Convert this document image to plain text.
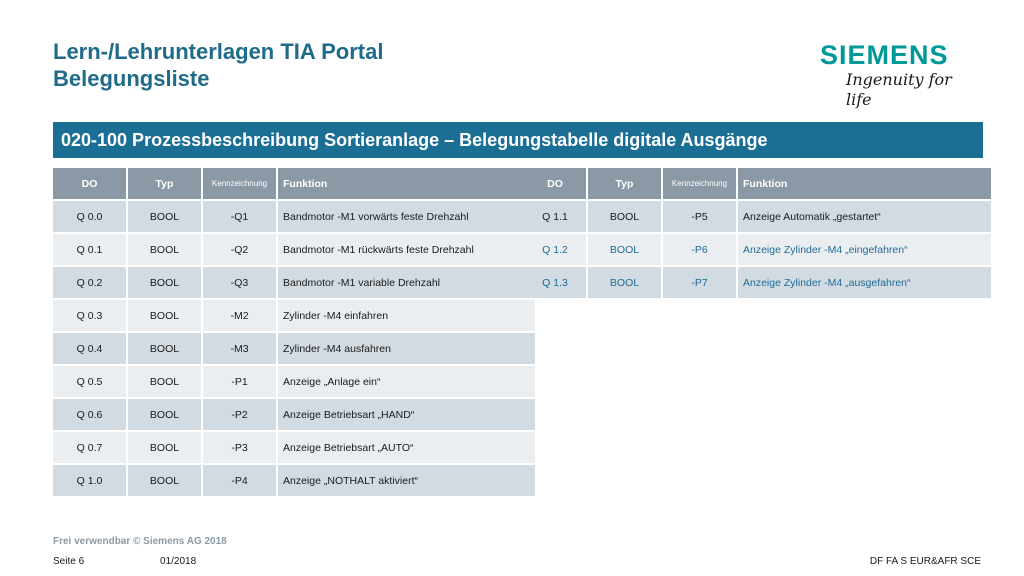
Lern-/Lehrunterlagen TIA Portal
Belegungsliste
SIEMENS
Ingenuity for life
020-100 Prozessbeschreibung Sortieranlage – Belegungstabelle digitale Ausgänge
DO	Typ	Kennzeichnung	Funktion
Q 0.0	BOOL	-Q1	Bandmotor -M1 vorwärts feste Drehzahl
Q 0.1	BOOL	-Q2	Bandmotor -M1 rückwärts feste Drehzahl
Q 0.2	BOOL	-Q3	Bandmotor -M1 variable Drehzahl
Q 0.3	BOOL	-M2	Zylinder -M4 einfahren
Q 0.4	BOOL	-M3	Zylinder -M4 ausfahren
Q 0.5	BOOL	-P1	Anzeige „Anlage ein“
Q 0.6	BOOL	-P2	Anzeige Betriebsart „HAND“
Q 0.7	BOOL	-P3	Anzeige Betriebsart „AUTO“
Q 1.0	BOOL	-P4	Anzeige „NOTHALT aktiviert“
DO	Typ	Kennzeichnung	Funktion
Q 1.1	BOOL	-P5	Anzeige Automatik „gestartet“
Q 1.2	BOOL	-P6	Anzeige Zylinder -M4 „eingefahren“
Q 1.3	BOOL	-P7	Anzeige Zylinder -M4 „ausgefahren“
Frei verwendbar © Siemens AG 2018
Seite 6	01/2018	DF FA S EUR&AFR SCE
